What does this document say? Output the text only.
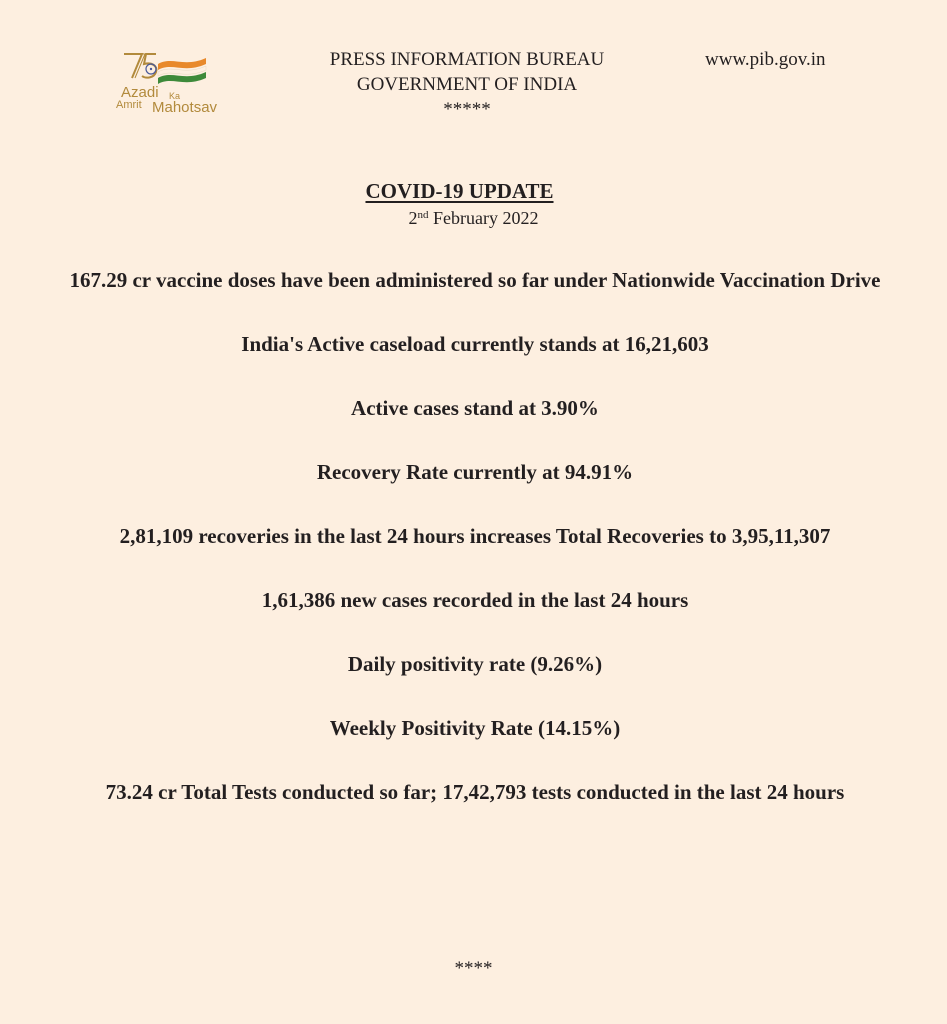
Azadi Ka
Amrit Mahotsav
PRESS INFORMATION BUREAU
GOVERNMENT OF INDIA
*****
www.pib.gov.in
COVID-19 UPDATE
2nd February 2022
167.29 cr vaccine doses have been administered so far under Nationwide Vaccination Drive
India's Active caseload currently stands at 16,21,603
Active cases stand at 3.90%
Recovery Rate currently at 94.91%
2,81,109 recoveries in the last 24 hours increases Total Recoveries to 3,95,11,307
1,61,386 new cases recorded in the last 24 hours
Daily positivity rate (9.26%)
Weekly Positivity Rate (14.15%)
73.24 cr Total Tests conducted so far; 17,42,793 tests conducted in the last 24 hours
****
